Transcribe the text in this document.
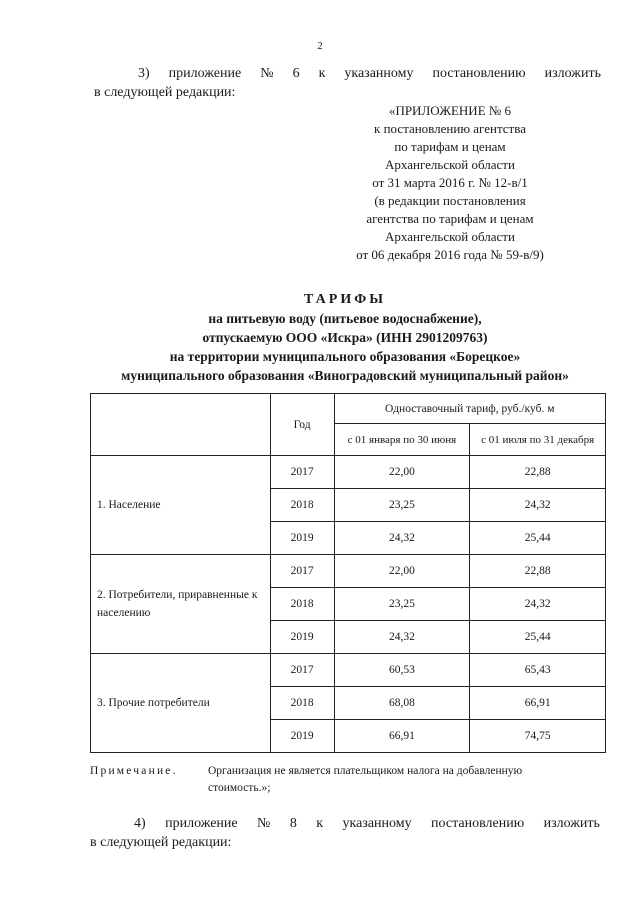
2
3) приложение № 6 к указанному постановлению изложить
в следующей редакции:
«ПРИЛОЖЕНИЕ № 6
к постановлению агентства
по тарифам и ценам
Архангельской области
от 31 марта 2016 г. № 12-в/1
(в редакции постановления
агентства по тарифам и ценам
Архангельской области
от 06 декабря 2016 года № 59-в/9)
ТАРИФЫ
на питьевую воду (питьевое водоснабжение),
отпускаемую ООО «Искра» (ИНН 2901209763)
на территории муниципального образования «Борецкое»
муниципального образования «Виноградовский муниципальный район»
	Год	Одноставочный тариф, руб./куб. м	
		с 01 января по 30 июня	с 01 июля по 31 декабря
1. Население	2017	22,00	22,88
	2018	23,25	24,32
	2019	24,32	25,44
2. Потребители, приравненные к населению	2017	22,00	22,88
	2018	23,25	24,32
	2019	24,32	25,44
3. Прочие потребители	2017	60,53	65,43
	2018	68,08	66,91
	2019	66,91	74,75
Примечание.	Организация не является плательщиком налога на добавленную
стоимость.»;
4) приложение № 8 к указанному постановлению изложить
в следующей редакции:
